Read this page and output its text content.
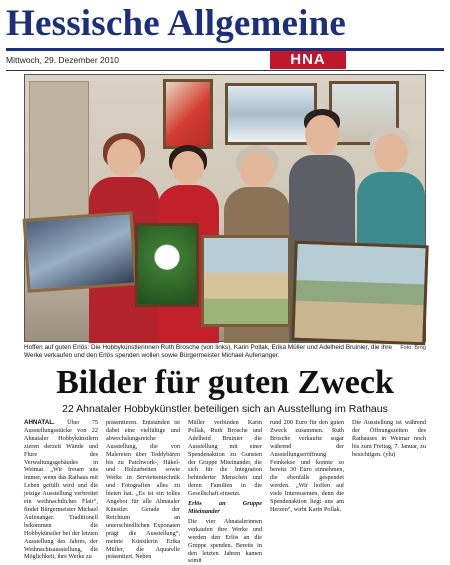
Hessische Allgemeine
Mittwoch, 29. Dezember 2010	HNA
Foto: Brög
Hoffen auf guten Erlös: Die Hobbykünstlerinnen Ruth Brosche (von links), Karin Pollak, Erika Müller und Adelheid Bruinier, die ihre Werke verkaufen und den Erlös spenden wollen sowie Bürgermeister Michael Aufenanger.
Bilder für guten Zweck
22 Ahnataler Hobbykünstler beteiligen sich an Ausstellung im Rathaus
AHNATAL. Über 75 Ausstellungsstücke von 22 Ahnataler Hobbykünstlern zieren derzeit Wände und Flure des Verwaltungsgebäudes in Weimar. „Wir freuen uns immer, wenn das Rathaus mit Leben gefüllt wird und die jetzige Ausstellung verbreitet ein weihnachtliches Flair“, findet Bürgermeister Michael Aufenanger. Traditionell bekommen die Hobbykünstler bei der letzten Ausstellung des Jahres, der Weihnachtsausstellung, die Möglichkeit, ihre Werke zu
präsentieren. Entstanden ist dabei eine vielfältige und abwechslungsreiche Ausstellung, die von Malereien über Teddybären bis zu Patchwork-, Häkel- und Holzarbeiten sowie Werke in Serviettentechnik und Fotografien alles zu bieten hat. „Es ist ein tolles Angebot für alle Ahnataler Künstler. Gerade der Reichtum an unterschiedlichen Exponaten prägt die Ausstellung“, meinte Künstlerin Erika Müller, die Aquarelle präsentiert. Neben
Müller verbinden Karin Pollak, Ruth Brosche und Adelheid Bruinier die Ausstellung mit einer Spendenaktion zu Gunsten der Gruppe Miteinander, die sich für die Integration behinderter Menschen und deren Familien in die Gesellschaft einsetzt.
Erlös an Gruppe Miteinander
Die vier Ahnatalerinnen verkaufen ihre Werke und werden den Erlös an die Gruppe spenden. Bereits in den letzten Jahren kamen somit
rund 200 Euro für den guten Zweck zusammen. Ruth Brosche verkaufte sogar während der Ausstellungseröffnung Feinkekse und konnte so bereits 30 Euro einnehmen, die ebenfalls gespendet werden. „Wir hoffen auf viele Interessenten, denn die Spendenaktion liegt uns am Herzen“, wirbt Karin Pollak.
Die Ausstellung ist während der Öffnungszeiten des Rathauses in Weimar noch bis zum Freitag, 7. Januar, zu besichtigen. (ylu)
